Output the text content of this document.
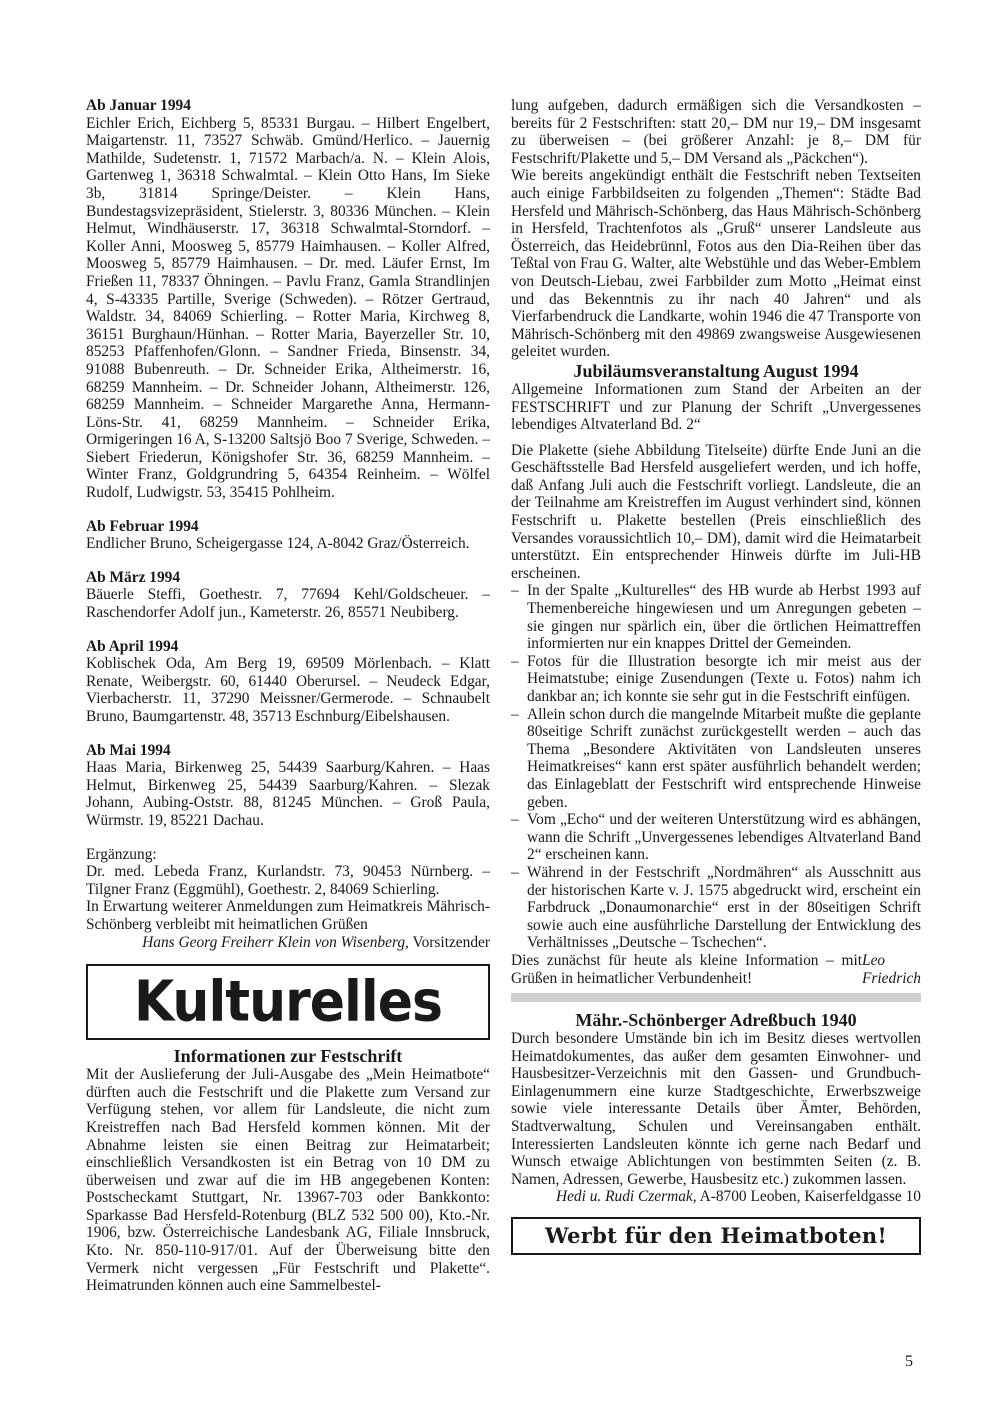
Ab Januar 1994

Eichler Erich, Eichberg 5, 85331 Burgau. – Hilbert Engelbert, Maigartenstr. 11, 73527 Schwäb. Gmünd/Herlico. – Jauernig Mathilde, Sudetenstr. 1, 71572 Marbach/a. N. – Klein Alois, Gartenweg 1, 36318 Schwalmtal. – Klein Otto Hans, Im Sieke 3b, 31814 Springe/Deister. – Klein Hans, Bundestagsvizepräsident, Stielerstr. 3, 80336 München. – Klein Helmut, Windhäuserstr. 17, 36318 Schwalmtal-Storndorf. – Koller Anni, Moosweg 5, 85779 Haimhausen. – Koller Alfred, Moosweg 5, 85779 Haimhausen. – Dr. med. Läufer Ernst, Im Frießen 11, 78337 Öhningen. – Pavlu Franz, Gamla Strandlinjen 4, S-43335 Partille, Sverige (Schweden). – Rötzer Gertraud, Waldstr. 34, 84069 Schierling. – Rotter Maria, Kirchweg 8, 36151 Burghaun/Hünhan. – Rotter Maria, Bayerzeller Str. 10, 85253 Pfaffenhofen/Glonn. – Sandner Frieda, Binsenstr. 34, 91088 Bubenreuth. – Dr. Schneider Erika, Altheimerstr. 16, 68259 Mannheim. – Dr. Schneider Johann, Altheimerstr. 126, 68259 Mannheim. – Schneider Margarethe Anna, Hermann-Löns-Str. 41, 68259 Mannheim. – Schneider Erika, Ormigeringen 16 A, S-13200 Saltsjö Boo 7 Sverige, Schweden. – Siebert Friederun, Königshofer Str. 36, 68259 Mannheim. – Winter Franz, Goldgrundring 5, 64354 Reinheim. – Wölfel Rudolf, Ludwigstr. 53, 35415 Pohlheim.

Ab Februar 1994

Endlicher Bruno, Scheigergasse 124, A-8042 Graz/Österreich.

Ab März 1994

Bäuerle Steffi, Goethestr. 7, 77694 Kehl/Goldscheuer. – Raschendorfer Adolf jun., Kameterstr. 26, 85571 Neubiberg.

Ab April 1994

Koblischek Oda, Am Berg 19, 69509 Mörlenbach. – Klatt Renate, Weibergstr. 60, 61440 Oberursel. – Neudeck Edgar, Vierbacherstr. 11, 37290 Meissner/Germerode. – Schnaubelt Bruno, Baumgartenstr. 48, 35713 Eschnburg/Eibelshausen.

Ab Mai 1994

Haas Maria, Birkenweg 25, 54439 Saarburg/Kahren. – Haas Helmut, Birkenweg 25, 54439 Saarburg/Kahren. – Slezak Johann, Aubing-Oststr. 88, 81245 München. – Groß Paula, Würmstr. 19, 85221 Dachau.

Ergänzung:

Dr. med. Lebeda Franz, Kurlandstr. 73, 90453 Nürnberg. – Tilgner Franz (Eggmühl), Goethestr. 2, 84069 Schierling.

In Erwartung weiterer Anmeldungen zum Heimatkreis Mährisch-Schönberg verbleibt mit heimatlichen Grüßen

Hans Georg Freiherr Klein von Wisenberg, Vorsitzender

Kulturelles

Informationen zur Festschrift

Mit der Auslieferung der Juli-Ausgabe des „Mein Heimatbote“ dürften auch die Festschrift und die Plakette zum Versand zur Verfügung stehen, vor allem für Landsleute, die nicht zum Kreistreffen nach Bad Hersfeld kommen können. Mit der Abnahme leisten sie einen Beitrag zur Heimatarbeit; einschließlich Versandkosten ist ein Betrag von 10 DM zu überweisen und zwar auf die im HB angegebenen Konten: Postscheckamt Stuttgart, Nr. 13967-703 oder Bankkonto: Sparkasse Bad Hersfeld-Rotenburg (BLZ 532 500 00), Kto.-Nr. 1906, bzw. Österreichische Landesbank AG, Filiale Innsbruck, Kto. Nr. 850-110-917/01. Auf der Überweisung bitte den Vermerk nicht vergessen „Für Festschrift und Plakette“. Heimatrunden können auch eine Sammelbestel-

lung aufgeben, dadurch ermäßigen sich die Versandkosten – bereits für 2 Festschriften: statt 20,– DM nur 19,– DM insgesamt zu überweisen – (bei größerer Anzahl: je 8,– DM für Festschrift/Plakette und 5,– DM Versand als „Päckchen“).

Wie bereits angekündigt enthält die Festschrift neben Textseiten auch einige Farbbildseiten zu folgenden „Themen“: Städte Bad Hersfeld und Mährisch-Schönberg, das Haus Mährisch-Schönberg in Hersfeld, Trachtenfotos als „Gruß“ unserer Landsleute aus Österreich, das Heidebrünnl, Fotos aus den Dia-Reihen über das Teßtal von Frau G. Walter, alte Webstühle und das Weber-Emblem von Deutsch-Liebau, zwei Farbbilder zum Motto „Heimat einst und das Bekenntnis zu ihr nach 40 Jahren“ und als Vierfarbendruck die Landkarte, wohin 1946 die 47 Transporte von Mährisch-Schönberg mit den 49869 zwangsweise Ausgewiesenen geleitet wurden.

Jubiläumsveranstaltung August 1994

Allgemeine Informationen zum Stand der Arbeiten an der FESTSCHRIFT und zur Planung der Schrift „Unvergessenes lebendiges Altvaterland Bd. 2“

Die Plakette (siehe Abbildung Titelseite) dürfte Ende Juni an die Geschäftsstelle Bad Hersfeld ausgeliefert werden, und ich hoffe, daß Anfang Juli auch die Festschrift vorliegt. Landsleute, die an der Teilnahme am Kreistreffen im August verhindert sind, können Festschrift u. Plakette bestellen (Preis einschließlich des Versandes voraussichtlich 10,– DM), damit wird die Heimatarbeit unterstützt. Ein entsprechender Hinweis dürfte im Juli-HB erscheinen.

– In der Spalte „Kulturelles“ des HB wurde ab Herbst 1993 auf Themenbereiche hingewiesen und um Anregungen gebeten – sie gingen nur spärlich ein, über die örtlichen Heimattreffen informierten nur ein knappes Drittel der Gemeinden.
– Fotos für die Illustration besorgte ich mir meist aus der Heimatstube; einige Zusendungen (Texte u. Fotos) nahm ich dankbar an; ich konnte sie sehr gut in die Festschrift einfügen.
– Allein schon durch die mangelnde Mitarbeit mußte die geplante 80seitige Schrift zunächst zurückgestellt werden – auch das Thema „Besondere Aktivitäten von Landsleuten unseres Heimatkreises“ kann erst später ausführlich behandelt werden; das Einlageblatt der Festschrift wird entsprechende Hinweise geben.
– Vom „Echo“ und der weiteren Unterstützung wird es abhängen, wann die Schrift „Unvergessenes lebendiges Altvaterland Band 2“ erscheinen kann.
– Während in der Festschrift „Nordmähren“ als Ausschnitt aus der historischen Karte v. J. 1575 abgedruckt wird, erscheint ein Farbdruck „Donaumonarchie“ erst in der 80seitigen Schrift sowie auch eine ausführliche Darstellung der Entwicklung des Verhältnisses „Deutsche – Tschechen“.

Dies zunächst für heute als kleine Information – mit Grüßen in heimatlicher Verbundenheit!
Leo Friedrich

Mähr.-Schönberger Adreßbuch 1940

Durch besondere Umstände bin ich im Besitz dieses wertvollen Heimatdokumentes, das außer dem gesamten Einwohner- und Hausbesitzer-Verzeichnis mit den Gassen- und Grundbuch-Einlagenummern eine kurze Stadtgeschichte, Erwerbszweige sowie viele interessante Details über Ämter, Behörden, Stadtverwaltung, Schulen und Vereinsangaben enthält. Interessierten Landsleuten könnte ich gerne nach Bedarf und Wunsch etwaige Ablichtungen von bestimmten Seiten (z. B. Namen, Adressen, Gewerbe, Hausbesitz etc.) zukommen lassen.

Hedi u. Rudi Czermak, A-8700 Leoben, Kaiserfeldgasse 10

Werbt für den Heimatboten!
5
